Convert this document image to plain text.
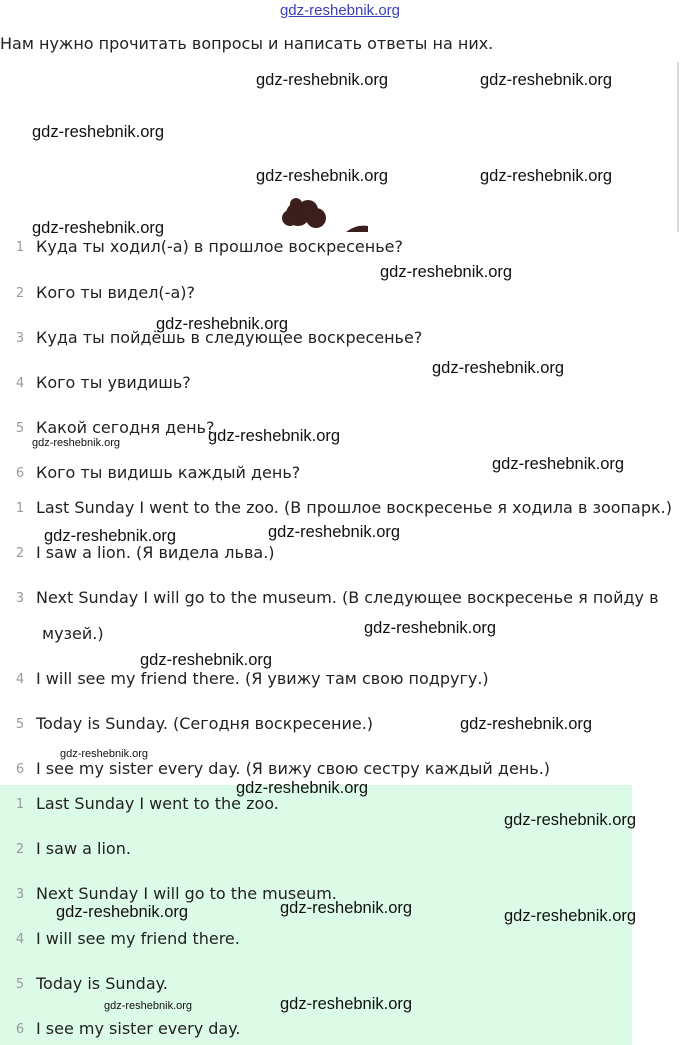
gdz-reshebnik.org
Нам нужно прочитать вопросы и написать ответы на них.
1 Куда ты ходил(-а) в прошлое воскресенье?
2 Кого ты видел(-а)?
3 Куда ты пойдёшь в следующее воскресенье?
4 Кого ты увидишь?
5 Какой сегодня день?
6 Кого ты видишь каждый день?
1 Last Sunday I went to the zoo. (В прошлое воскресенье я ходила в зоопарк.)
2 I saw a lion. (Я видела льва.)
3 Next Sunday I will go to the museum. (В следующее воскресенье я пойду в
музей.)
4 I will see my friend there. (Я увижу там свою подругу.)
5 Today is Sunday. (Сегодня воскресение.)
6 I see my sister every day. (Я вижу свою сестру каждый день.)
1 Last Sunday I went to the zoo.
2 I saw a lion.
3 Next Sunday I will go to the museum.
4 I will see my friend there.
5 Today is Sunday.
6 I see my sister every day.
gdz-reshebnik.org	gdz-reshebnik.org
gdz-reshebnik.org
gdz-reshebnik.org	gdz-reshebnik.org
gdz-reshebnik.org
gdz-reshebnik.org
gdz-reshebnik.org
gdz-reshebnik.org
gdz-reshebnik.org
gdz-reshebnik.org
gdz-reshebnik.org
gdz-reshebnik.org	gdz-reshebnik.org
gdz-reshebnik.org
gdz-reshebnik.org
gdz-reshebnik.org
gdz-reshebnik.org
gdz-reshebnik.org
gdz-reshebnik.org
gdz-reshebnik.org	gdz-reshebnik.org	gdz-reshebnik.org
gdz-reshebnik.org	gdz-reshebnik.org
